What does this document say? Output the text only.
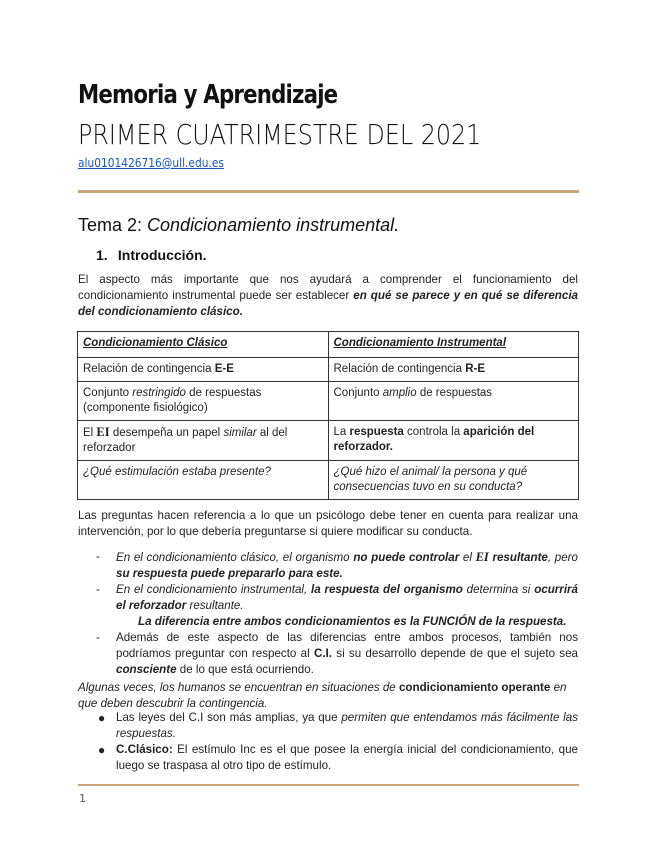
Memoria y Aprendizaje
PRIMER CUATRIMESTRE DEL 2021
alu0101426716@ull.edu.es
Tema 2: Condicionamiento instrumental.
1. Introducción.
El aspecto más importante que nos ayudará a comprender el funcionamiento del condicionamiento instrumental puede ser establecer en qué se parece y en qué se diferencia del condicionamiento clásico.
Condicionamiento Clásico	Condicionamiento Instrumental
Relación de contingencia E-E	Relación de contingencia R-E
Conjunto restringido de respuestas (componente fisiológico)	Conjunto amplio de respuestas
El EI desempeña un papel similar al del reforzador	La respuesta controla la aparición del reforzador.
¿Qué estimulación estaba presente?	¿Qué hizo el animal/ la persona y qué consecuencias tuvo en su conducta?
Las preguntas hacen referencia a lo que un psicólogo debe tener en cuenta para realizar una intervención, por lo que debería preguntarse si quiere modificar su conducta.
- En el condicionamiento clásico, el organismo no puede controlar el EI resultante, pero su respuesta puede prepararlo para este.
- En el condicionamiento instrumental, la respuesta del organismo determina si ocurrirá el reforzador resultante.
La diferencia entre ambos condicionamientos es la FUNCIÓN de la respuesta.
- Además de este aspecto de las diferencias entre ambos procesos, también nos podríamos preguntar con respecto al C.I. si su desarrollo depende de que el sujeto sea consciente de lo que está ocurriendo.
Algunas veces, los humanos se encuentran en situaciones de condicionamiento operante en que deben descubrir la contingencia.
● Las leyes del C.I son más amplias, ya que permiten que entendamos más fácilmente las respuestas.
● C.Clásico: El estímulo Inc es el que posee la energía inicial del condicionamiento, que luego se traspasa al otro tipo de estímulo.
1
